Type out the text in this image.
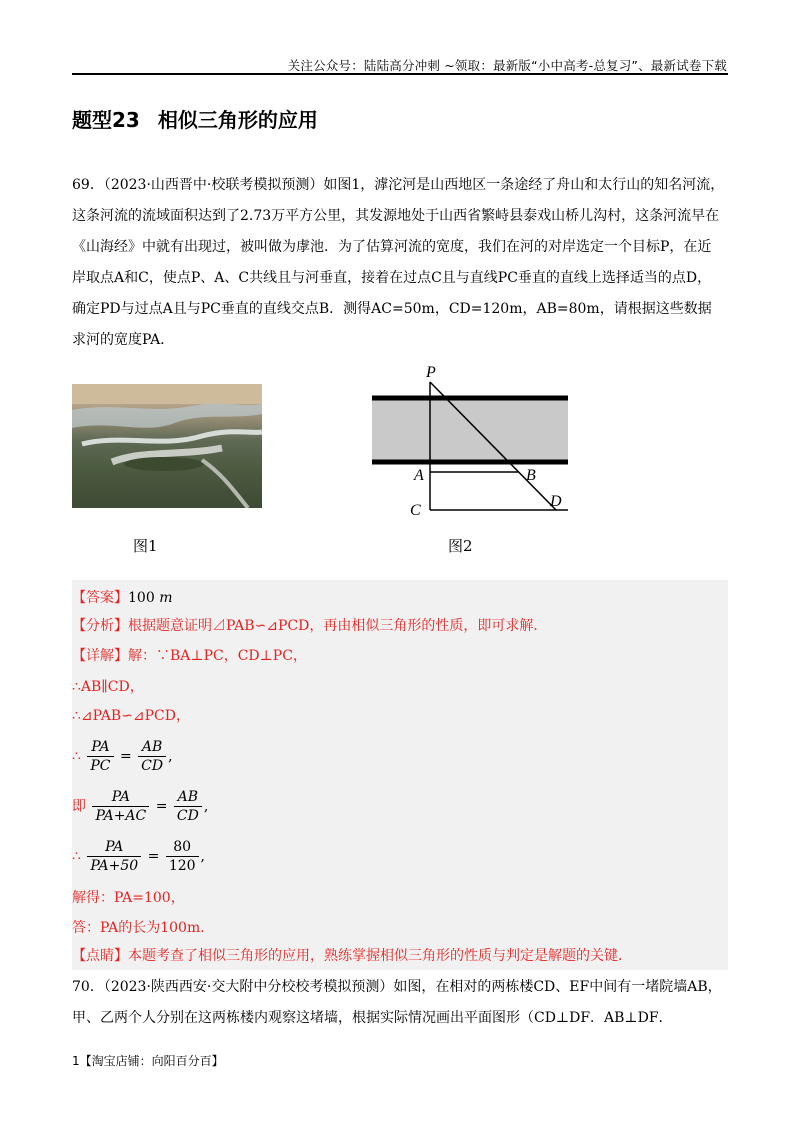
关注公众号：陆陆高分冲刺 ~领取：最新版“小中高考-总复习”、最新试卷下载
题型23 相似三角形的应用

69．（2023·山西晋中·校联考模拟预测）如图1，滹沱河是山西地区一条途经了舟山和太行山的知名河流，

这条河流的流域面积达到了2.73万平方公里，其发源地处于山西省繁峙县泰戏山桥儿沟村，这条河流早在

《山海经》中就有出现过，被叫做为虖池．为了估算河流的宽度，我们在河的对岸选定一个目标P，在近

岸取点A和C，使点P、A、C共线且与河垂直，接着在过点C且与直线PC垂直的直线上选择适当的点D，

确定PD与过点A且与PC垂直的直线交点B．测得AC=50m，CD=120m，AB=80m，请根据这些数据

求河的宽度PA．

图1
P
A	B
C
D
图2
【答案】100 m
【分析】根据题意证明⊿PAB∽⊿PCD，再由相似三角形的性质，即可求解．
【详解】解：∵BA⊥PC，CD⊥PC，
∴AB∥CD，
∴⊿PAB∽⊿PCD，
∴ $\frac{PA}{PC} = \frac{AB}{CD}$ ,
即 $\frac{PA}{PA+AC} = \frac{AB}{CD}$ ,
∴ $\frac{PA}{PA+50} = \frac{80}{120}$ ,
解得：PA=100，
答：PA的长为100m．
【点睛】本题考查了相似三角形的应用，熟练掌握相似三角形的性质与判定是解题的关键．

70．（2023·陕西西安·交大附中分校校考模拟预测）如图，在相对的两栋楼CD、EF中间有一堵院墙AB，

甲、乙两个人分别在这两栋楼内观察这堵墙，根据实际情况画出平面图形（CD⊥DF．AB⊥DF．

1【淘宝店铺：向阳百分百】
